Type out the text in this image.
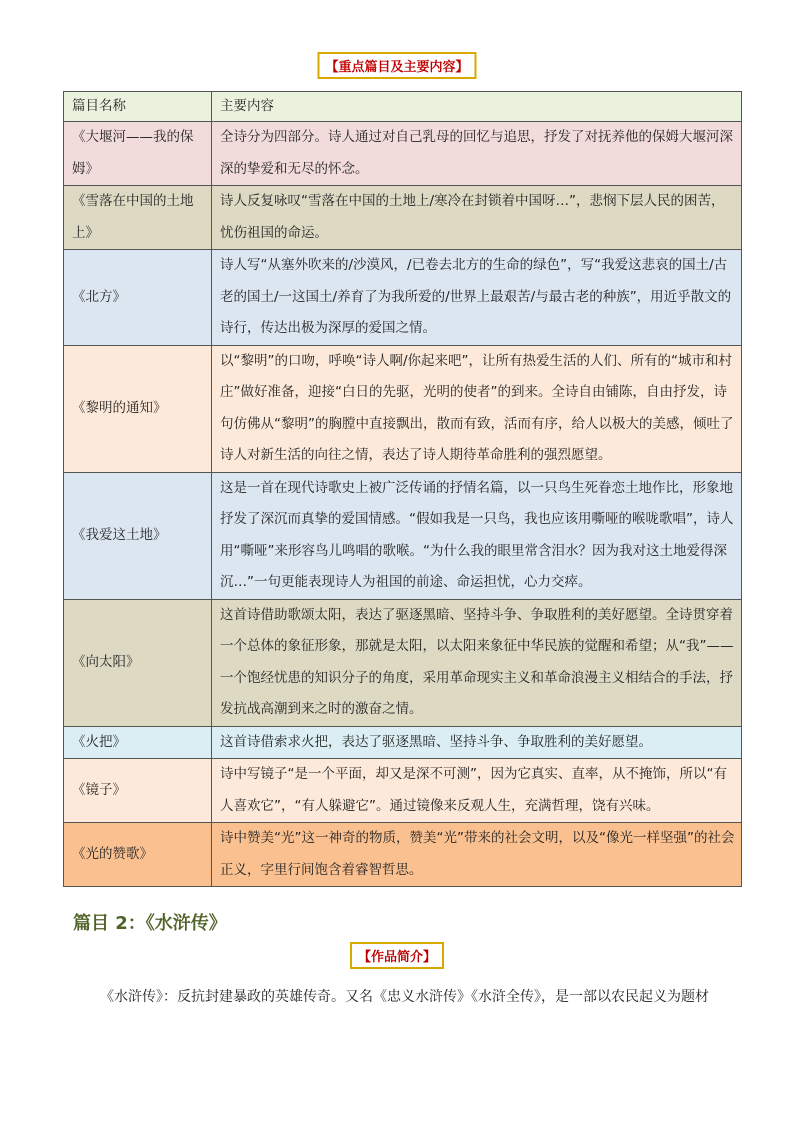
【重点篇目及主要内容】
篇目名称	主要内容
《大堰河——我的保姆》	全诗分为四部分。诗人通过对自己乳母的回忆与追思，抒发了对抚养他的保姆大堰河深深的挚爱和无尽的怀念。
《雪落在中国的土地上》	诗人反复咏叹“雪落在中国的土地上/寒冷在封锁着中国呀…”，悲悯下层人民的困苦，忧伤祖国的命运。
《北方》	诗人写“从塞外吹来的/沙漠风，/已卷去北方的生命的绿色”，写“我爱这悲哀的国土/古老的国土/一这国土/养育了为我所爱的/世界上最艰苦/与最古老的种族”，用近乎散文的诗行，传达出极为深厚的爱国之情。
《黎明的通知》	以“黎明”的口吻，呼唤“诗人啊/你起来吧”，让所有热爱生活的人们、所有的“城市和村庄”做好准备，迎接“白日的先驱，光明的使者”的到来。全诗自由铺陈，自由抒发，诗句仿佛从“黎明”的胸膛中直接飘出，散而有致，活而有序，给人以极大的美感，倾吐了诗人对新生活的向往之情，表达了诗人期待革命胜利的强烈愿望。
《我爱这土地》	这是一首在现代诗歌史上被广泛传诵的抒情名篇，以一只鸟生死眷恋土地作比，形象地抒发了深沉而真挚的爱国情感。“假如我是一只鸟，我也应该用嘶哑的喉咙歌唱”，诗人用“嘶哑”来形容鸟儿鸣唱的歌喉。“为什么我的眼里常含泪水？因为我对这土地爱得深沉…”一句更能表现诗人为祖国的前途、命运担忧，心力交瘁。
《向太阳》	这首诗借助歌颂太阳，表达了驱逐黑暗、坚持斗争、争取胜利的美好愿望。全诗贯穿着一个总体的象征形象，那就是太阳，以太阳来象征中华民族的觉醒和希望；从“我”——一个饱经忧患的知识分子的角度，采用革命现实主义和革命浪漫主义相结合的手法，抒发抗战高潮到来之时的激奋之情。
《火把》	这首诗借索求火把，表达了驱逐黑暗、坚持斗争、争取胜利的美好愿望。
《镜子》	诗中写镜子“是一个平面，却又是深不可测”，因为它真实、直率，从不掩饰，所以“有人喜欢它”，“有人躲避它”。通过镜像来反观人生，充满哲理，饶有兴味。
《光的赞歌》	诗中赞美“光”这一神奇的物质，赞美“光”带来的社会文明，以及“像光一样坚强”的社会正义，字里行间饱含着睿智哲思。
篇目 2：《水浒传》
【作品简介】
《水浒传》：反抗封建暴政的英雄传奇。又名《忠义水浒传》《水浒全传》，是一部以农民起义为题材
